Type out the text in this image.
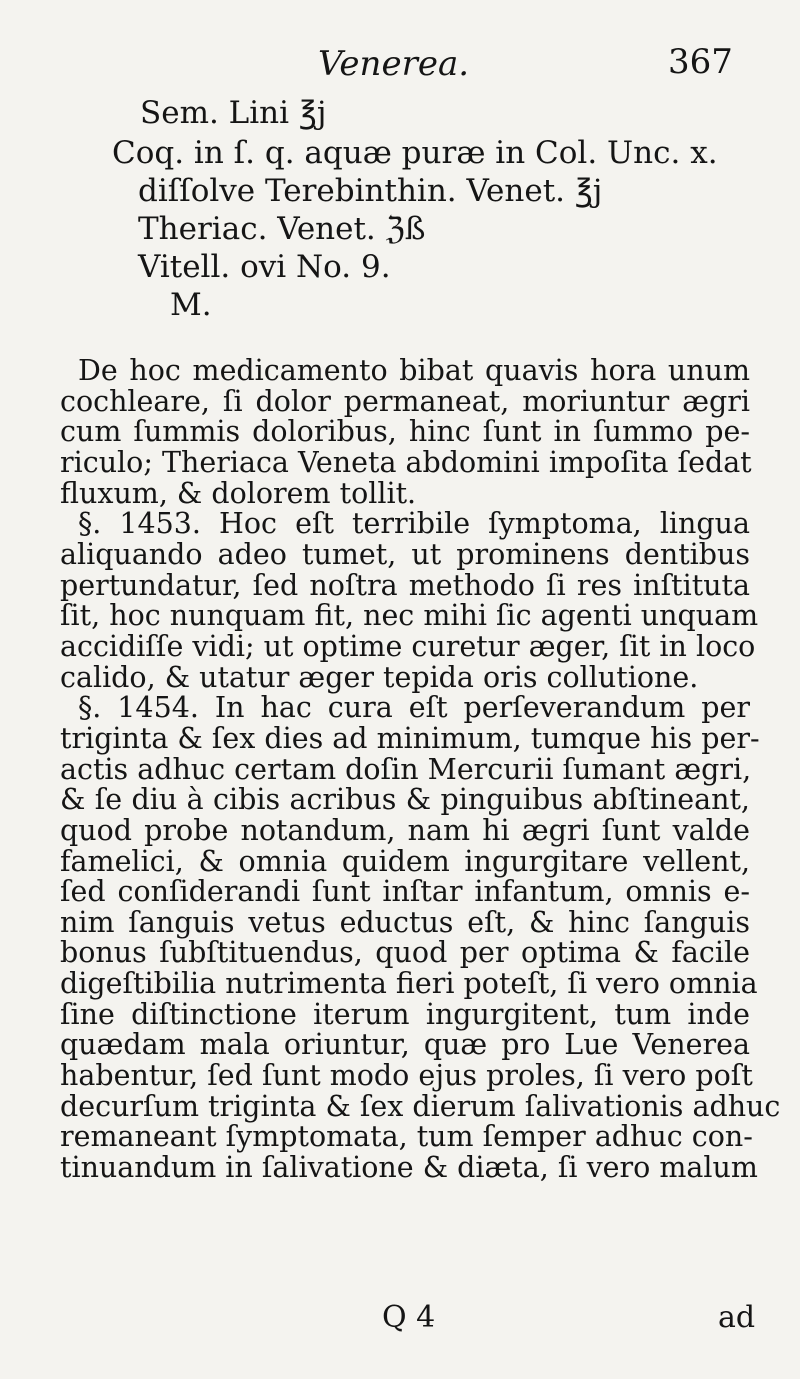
Venerea.	367
Sem. Lini ℥j
Coq. in ſ. q. aquæ puræ in Col. Unc. x.
diſſolve Terebinthin. Venet. ℥j
Theriac. Venet. ℨß
Vitell. ovi No. 9.
M.
De hoc medicamento bibat quavis hora unum
cochleare, ſi dolor permaneat, moriuntur ægri
cum ſummis doloribus, hinc ſunt in ſummo pe-
riculo; Theriaca Veneta abdomini impoſita ſedat
fluxum, & dolorem tollit.
§. 1453. Hoc eſt terribile ſymptoma, lingua
aliquando adeo tumet, ut prominens dentibus
pertundatur, ſed noſtra methodo ſi res inſtituta
ſit, hoc nunquam fit, nec mihi ſic agenti unquam
accidiſſe vidi; ut optime curetur æger, ſit in loco
calido, & utatur æger tepida oris collutione.
§. 1454. In hac cura eſt perſeverandum per
triginta & ſex dies ad minimum, tumque his per-
actis adhuc certam doſin Mercurii ſumant ægri,
& ſe diu à cibis acribus & pinguibus abſtineant,
quod probe notandum, nam hi ægri ſunt valde
famelici, & omnia quidem ingurgitare vellent,
ſed conſiderandi ſunt inſtar infantum, omnis e-
nim ſanguis vetus eductus eſt, & hinc ſanguis
bonus ſubſtituendus, quod per optima & facile
digeſtibilia nutrimenta fieri poteſt, ſi vero omnia
ſine diſtinctione iterum ingurgitent, tum inde
quædam mala oriuntur, quæ pro Lue Venerea
habentur, ſed ſunt modo ejus proles, ſi vero poſt
decurſum triginta & ſex dierum ſalivationis adhuc
remaneant ſymptomata, tum ſemper adhuc con-
tinuandum in ſalivatione & diæta, ſi vero malum
Q 4	ad
